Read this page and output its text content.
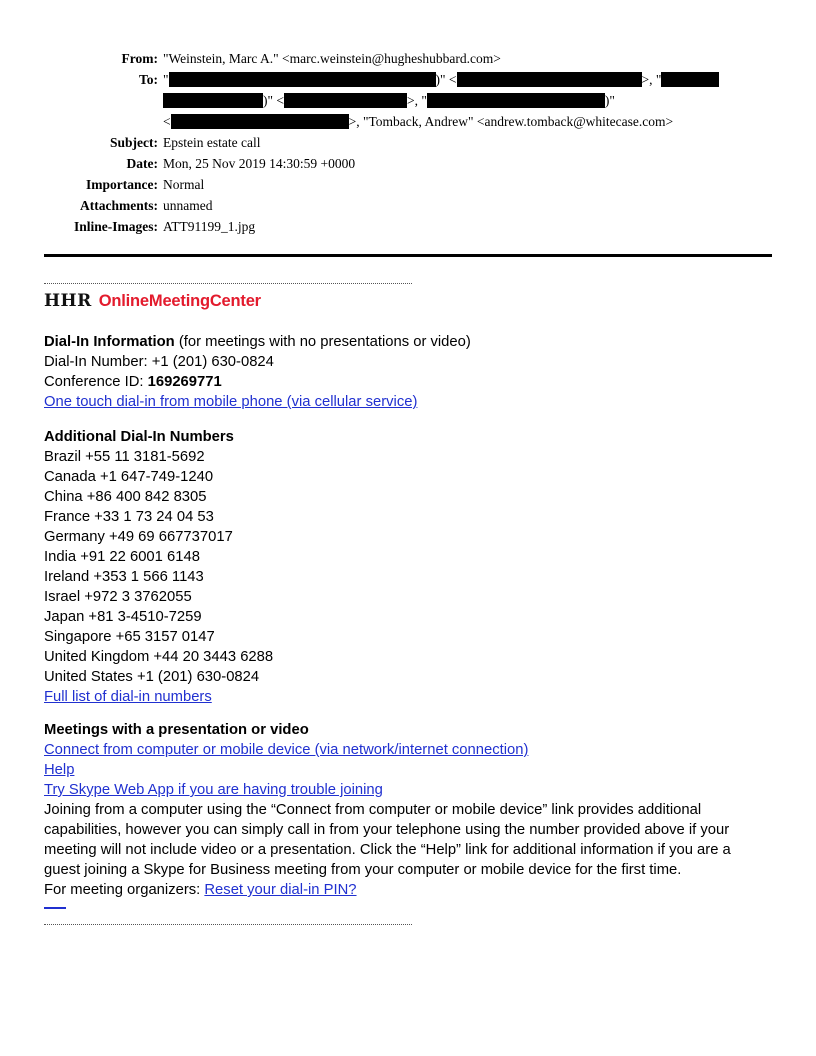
From: "Weinstein, Marc A." <marc.weinstein@hugheshubbard.com>
To: "	)" <	>, "
)" <	>, "	)"
<	>, "Tomback, Andrew" <andrew.tomback@whitecase.com>
Subject: Epstein estate call
Date: Mon, 25 Nov 2019 14:30:59 +0000
Importance: Normal
Attachments: unnamed
Inline-Images: ATT91199_1.jpg
HHR OnlineMeetingCenter
Dial-In Information (for meetings with no presentations or video)
Dial-In Number: +1 (201) 630-0824
Conference ID: 169269771
One touch dial-in from mobile phone (via cellular service)
Additional Dial-In Numbers
Brazil +55 11 3181-5692
Canada +1 647-749-1240
China +86 400 842 8305
France +33 1 73 24 04 53
Germany +49 69 667737017
India +91 22 6001 6148
Ireland +353 1 566 1143
Israel +972 3 3762055
Japan +81 3-4510-7259
Singapore +65 3157 0147
United Kingdom +44 20 3443 6288
United States +1 (201) 630-0824
Full list of dial-in numbers
Meetings with a presentation or video
Connect from computer or mobile device (via network/internet connection)
Help
Try Skype Web App if you are having trouble joining
Joining from a computer using the “Connect from computer or mobile device” link provides additional
capabilities, however you can simply call in from your telephone using the number provided above if your
meeting will not include video or a presentation. Click the “Help” link for additional information if you are a
guest joining a Skype for Business meeting from your computer or mobile device for the first time.
For meeting organizers: Reset your dial-in PIN?
